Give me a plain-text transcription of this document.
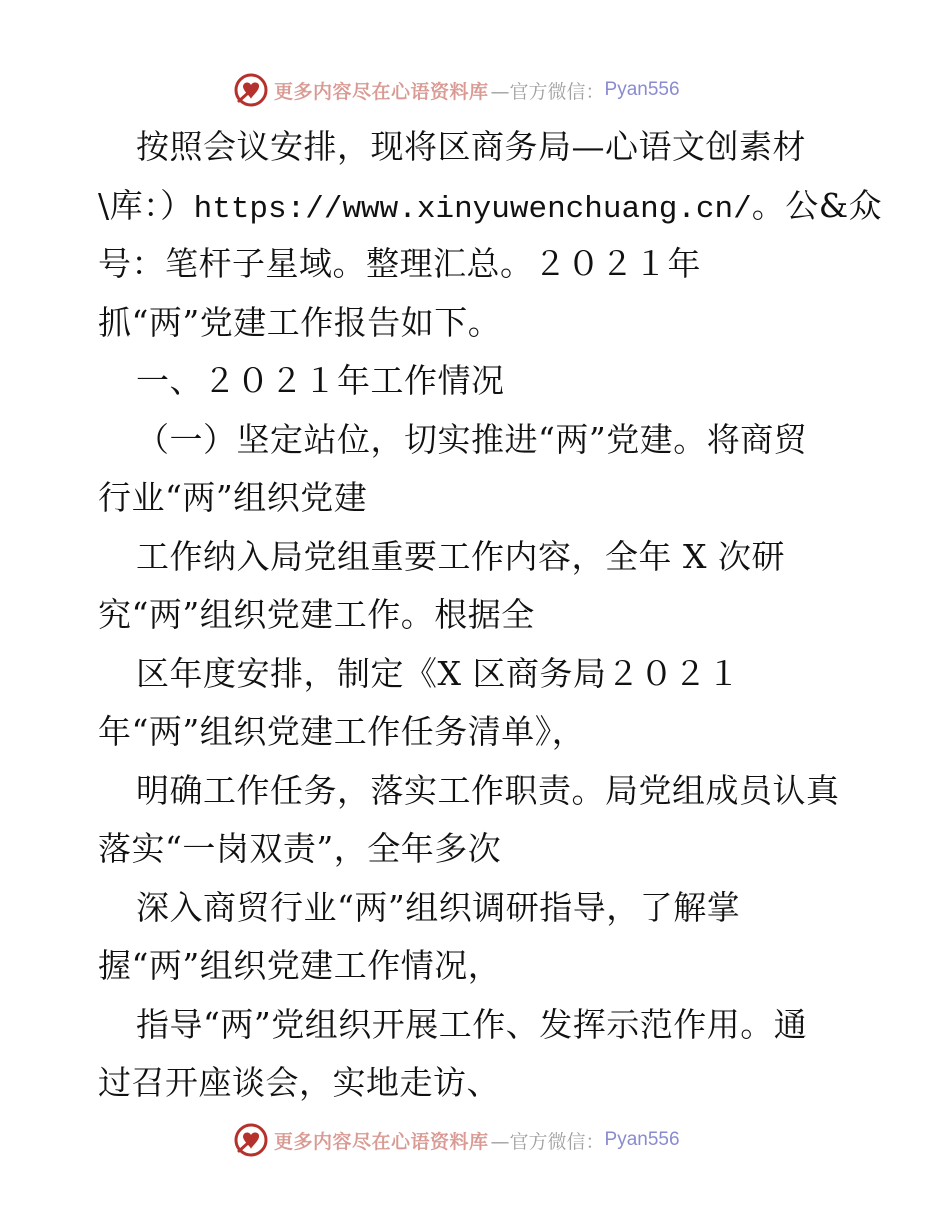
更多内容尽在心语资料库 —官方微信： Pyan556
按照会议安排，现将区商务局—心语文创素材
\库：）https://www.xinyuwenchuang.cn/。公&众
号：笔杆子星域。整理汇总。２０２１年
抓“两”党建工作报告如下。
一、２０２１年工作情况
（一）坚定站位，切实推进“两”党建。将商贸
行业“两”组织党建
工作纳入局党组重要工作内容，全年 X 次研
究“两”组织党建工作。根据全
区年度安排，制定《X 区商务局２０２１
年“两”组织党建工作任务清单》，
明确工作任务，落实工作职责。局党组成员认真
落实“一岗双责”，全年多次
深入商贸行业“两”组织调研指导，了解掌
握“两”组织党建工作情况，
指导“两”党组织开展工作、发挥示范作用。通
过召开座谈会，实地走访、
更多内容尽在心语资料库 —官方微信： Pyan556
